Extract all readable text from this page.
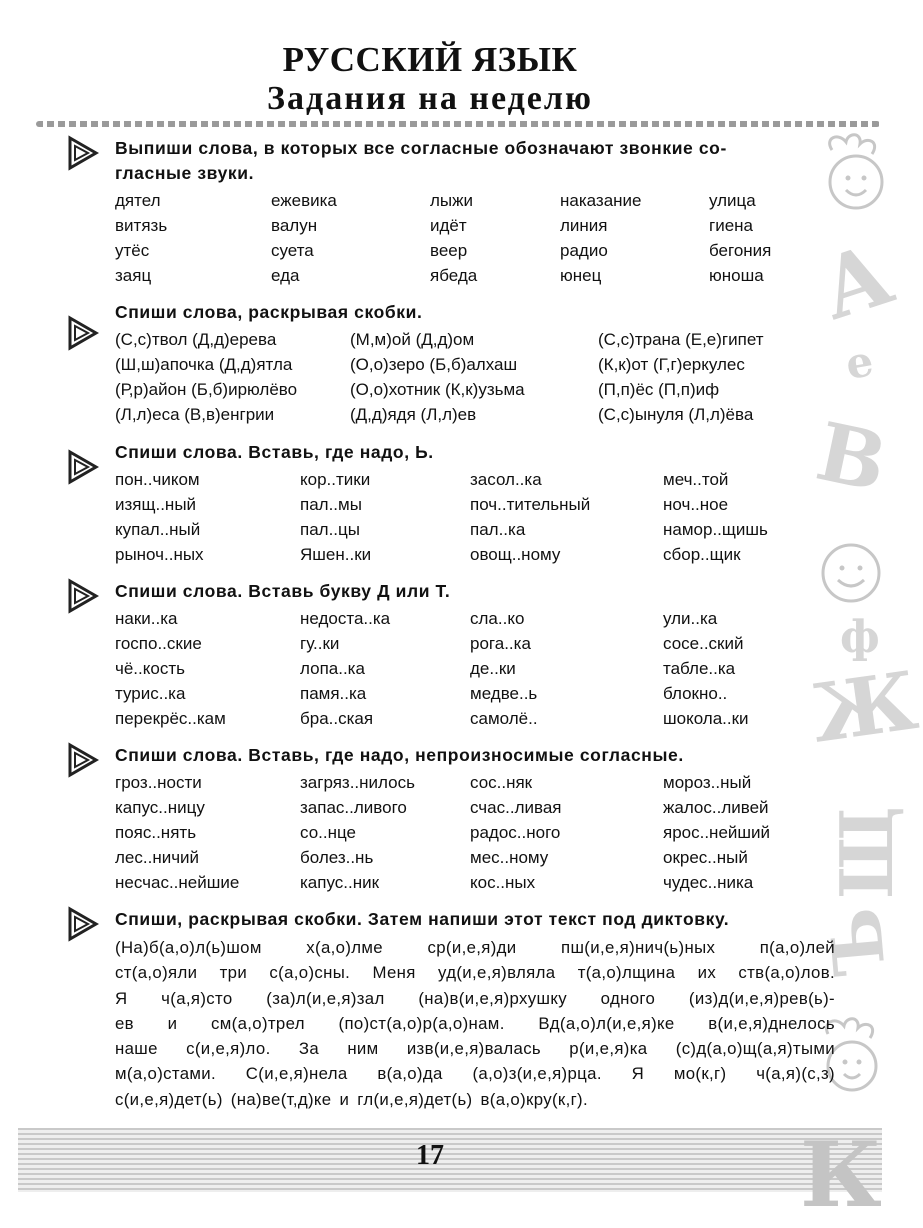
РУССКИЙ ЯЗЫК
Задания на неделю
А
е
В
ф
Ж
Щ
Ъ
Выпиши слова, в которых все согласные обозначают звонкие со-
гласные звуки.
дятел
витязь
утёс
заяц
ежевика
валун
суета
еда
лыжи
идёт
веер
ябеда
наказание
линия
радио
юнец
улица
гиена
бегония
юноша
Спиши слова, раскрывая скобки.
(С,с)твол (Д,д)ерева
(Ш,ш)апочка (Д,д)ятла
(Р,р)айон (Б,б)ирюлёво
(Л,л)еса (В,в)енгрии
(М,м)ой (Д,д)ом
(О,о)зеро (Б,б)алхаш
(О,о)хотник (К,к)узьма
(Д,д)ядя (Л,л)ев
(С,с)трана (Е,е)гипет
(К,к)от (Г,г)еркулес
(П,п)ёс (П,п)иф
(С,с)ынуля (Л,л)ёва
Спиши слова. Вставь, где надо, Ь.
пон..чиком
изящ..ный
купал..ный
рыноч..ных
кор..тики
пал..мы
пал..цы
Яшен..ки
засол..ка
поч..тительный
пал..ка
овощ..ному
меч..той
ноч..ное
намор..щишь
сбор..щик
Спиши слова. Вставь букву Д или Т.
наки..ка
госпо..ские
чё..кость
турис..ка
перекрёс..кам
недоста..ка
гу..ки
лопа..ка
памя..ка
бра..ская
сла..ко
рога..ка
де..ки
медве..ь
самолё..
ули..ка
сосе..ский
табле..ка
блокно..
шокола..ки
Спиши слова. Вставь, где надо, непроизносимые согласные.
гроз..ности
капус..ницу
пояс..нять
лес..ничий
несчас..нейшие
загряз..нилось
запас..ливого
со..нце
болез..нь
капус..ник
сос..няк
счас..ливая
радос..ного
мес..ному
кос..ных
мороз..ный
жалос..ливей
ярос..нейший
окрес..ный
чудес..ника
Спиши, раскрывая скобки. Затем напиши этот текст под диктовку.
(На)б(а,о)л(ь)шом х(а,о)лме ср(и,е,я)ди пш(и,е,я)нич(ь)ных п(а,о)лей
ст(а,о)яли три с(а,о)сны. Меня уд(и,е,я)вляла т(а,о)лщина их ств(а,о)лов.
Я ч(а,я)сто (за)л(и,е,я)зал (на)в(и,е,я)рхушку одного (из)д(и,е,я)рев(ь)-
ев и см(а,о)трел (по)ст(а,о)р(а,о)нам. Вд(а,о)л(и,е,я)ке в(и,е,я)днелось
наше с(и,е,я)ло. За ним изв(и,е,я)валась р(и,е,я)ка (с)д(а,о)щ(а,я)тыми
м(а,о)стами. С(и,е,я)нела в(а,о)да (а,о)з(и,е,я)рца. Я мо(к,г) ч(а,я)(с,з)
с(и,е,я)дет(ь) (на)ве(т,д)ке и гл(и,е,я)дет(ь) в(а,о)кру(к,г).
17	К
